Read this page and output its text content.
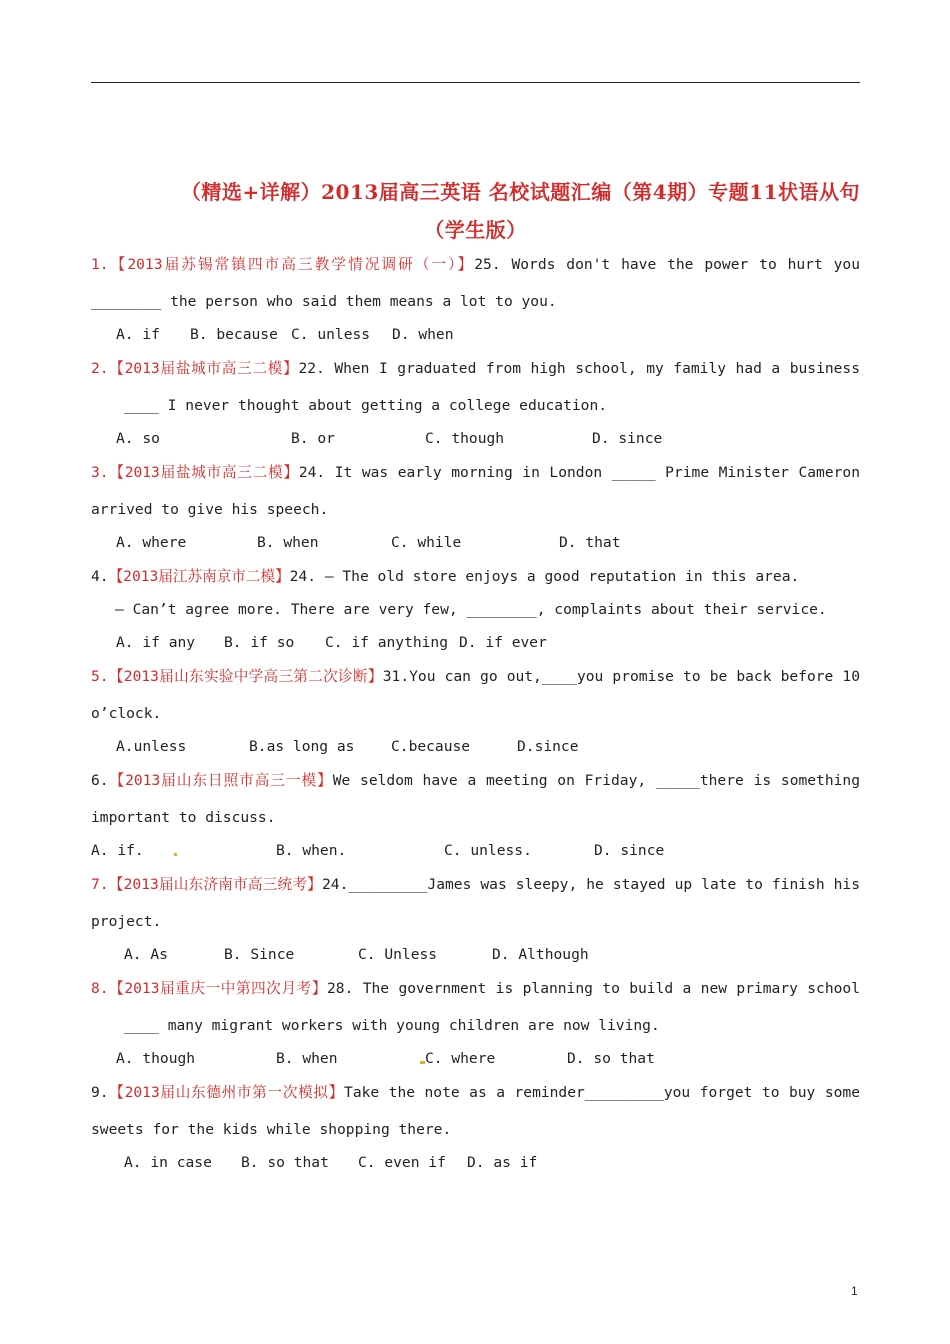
（精选+详解）2013届高三英语 名校试题汇编（第4期）专题11状语从句
（学生版）
1.【2013届苏锡常镇四市高三教学情况调研（一）】25. Words don't have the power to hurt you
________ the person who said them means a lot to you.
A. if B. because C. unless D. when
2.【2013届盐城市高三二模】22. When I graduated from high school, my family had a business
____ I never thought about getting a college education.
A. so	B. or	C. though	D. since
3.【2013届盐城市高三二模】24. It was early morning in London _____ Prime Minister Cameron
arrived to give his speech.
A. where	B. when	C. while	D. that
4.【2013届江苏南京市二模】24. — The old store enjoys a good reputation in this area.
— Can’t agree more. There are very few, ________, complaints about their service.
A. if any B. if so C. if anything D. if ever
5.【2013届山东实验中学高三第二次诊断】31.You can go out,____you promise to be back before 10
o’clock.
A.unless	B.as long as	C.because	D.since
6.【2013届山东日照市高三一模】We seldom have a meeting on Friday, _____there is something
important to discuss.
A. if.	B. when.	C. unless.	D. since
7.【2013届山东济南市高三统考】24._________James was sleepy, he stayed up late to finish his
project.
A. As	B. Since	C. Unless	D. Although
8.【2013届重庆一中第四次月考】28. The government is planning to build a new primary school
____ many migrant workers with young children are now living.
A. though	B. when	C. where	D. so that
9.【2013届山东德州市第一次模拟】Take the note as a reminder_________you forget to buy some
sweets for the kids while shopping there.
A. in case B. so that C. even if D. as if
1
